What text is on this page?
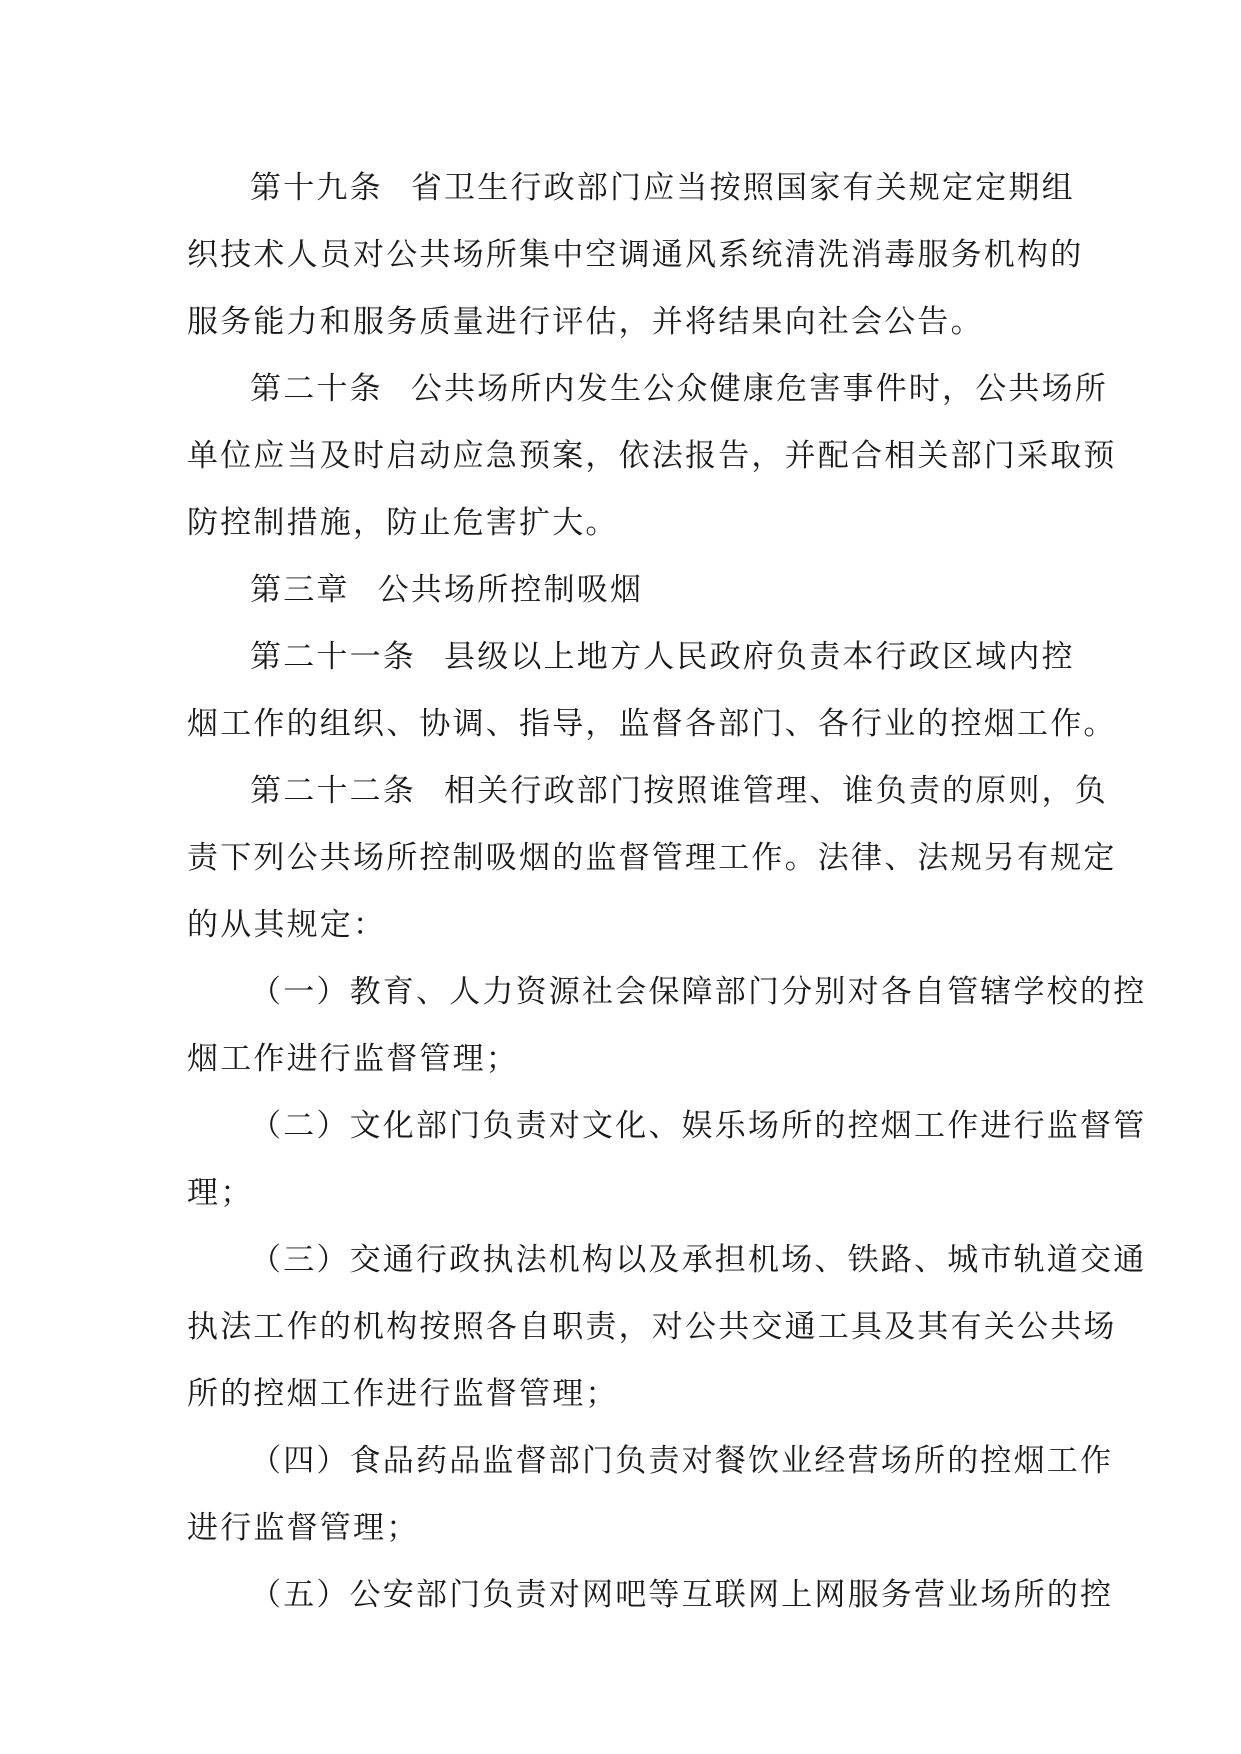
第十九条 省卫生行政部门应当按照国家有关规定定期组
织技术人员对公共场所集中空调通风系统清洗消毒服务机构的
服务能力和服务质量进行评估，并将结果向社会公告。
第二十条 公共场所内发生公众健康危害事件时，公共场所
单位应当及时启动应急预案，依法报告，并配合相关部门采取预
防控制措施，防止危害扩大。
第三章 公共场所控制吸烟
第二十一条 县级以上地方人民政府负责本行政区域内控
烟工作的组织、协调、指导，监督各部门、各行业的控烟工作。
第二十二条 相关行政部门按照谁管理、谁负责的原则，负
责下列公共场所控制吸烟的监督管理工作。法律、法规另有规定
的从其规定：
（一）教育、人力资源社会保障部门分别对各自管辖学校的控
烟工作进行监督管理；
（二）文化部门负责对文化、娱乐场所的控烟工作进行监督管
理；
（三）交通行政执法机构以及承担机场、铁路、城市轨道交通
执法工作的机构按照各自职责，对公共交通工具及其有关公共场
所的控烟工作进行监督管理；
（四）食品药品监督部门负责对餐饮业经营场所的控烟工作
进行监督管理；
（五）公安部门负责对网吧等互联网上网服务营业场所的控
